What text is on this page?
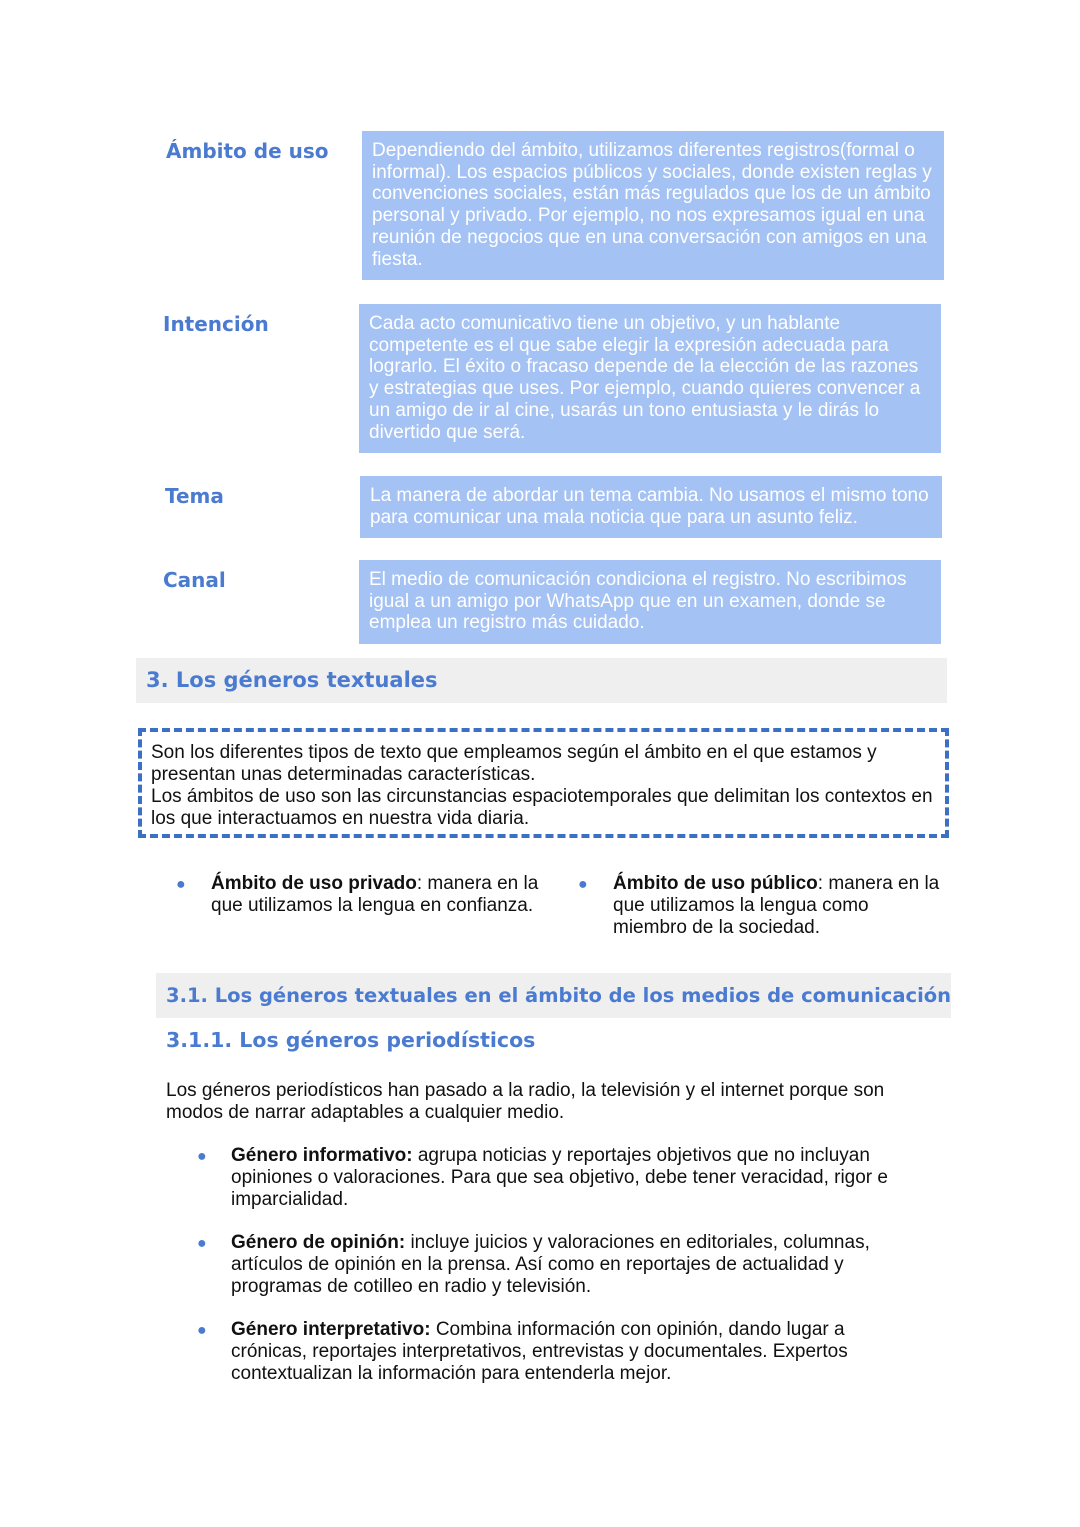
Ámbito de uso	Dependiendo del ámbito, utilizamos diferentes registros(formal o informal). Los espacios públicos y sociales, donde existen reglas y convenciones sociales, están más regulados que los de un ámbito personal y privado. Por ejemplo, no nos expresamos igual en una reunión de negocios que en una conversación con amigos en una fiesta.
Intención	Cada acto comunicativo tiene un objetivo, y un hablante competente es el que sabe elegir la expresión adecuada para lograrlo. El éxito o fracaso depende de la elección de las razones y estrategias que uses. Por ejemplo, cuando quieres convencer a un amigo de ir al cine, usarás un tono entusiasta y le dirás lo divertido que será.
Tema	La manera de abordar un tema cambia. No usamos el mismo tono para comunicar una mala noticia que para un asunto feliz.
Canal	El medio de comunicación condiciona el registro. No escribimos igual a un amigo por WhatsApp que en un examen, donde se emplea un registro más cuidado.
3. Los géneros textuales
Son los diferentes tipos de texto que empleamos según el ámbito en el que estamos y presentan unas determinadas características.
Los ámbitos de uso son las circunstancias espaciotemporales que delimitan los contextos en los que interactuamos en nuestra vida diaria.
● Ámbito de uso privado: manera en la que utilizamos la lengua en confianza.
● Ámbito de uso público: manera en la que utilizamos la lengua como miembro de la sociedad.
3.1. Los géneros textuales en el ámbito de los medios de comunicación
3.1.1. Los géneros periodísticos
Los géneros periodísticos han pasado a la radio, la televisión y el internet porque son modos de narrar adaptables a cualquier medio.
● Género informativo: agrupa noticias y reportajes objetivos que no incluyan opiniones o valoraciones. Para que sea objetivo, debe tener veracidad, rigor e imparcialidad.
● Género de opinión: incluye juicios y valoraciones en editoriales, columnas, artículos de opinión en la prensa. Así como en reportajes de actualidad y programas de cotilleo en radio y televisión.
● Género interpretativo: Combina información con opinión, dando lugar a crónicas, reportajes interpretativos, entrevistas y documentales. Expertos contextualizan la información para entenderla mejor.
